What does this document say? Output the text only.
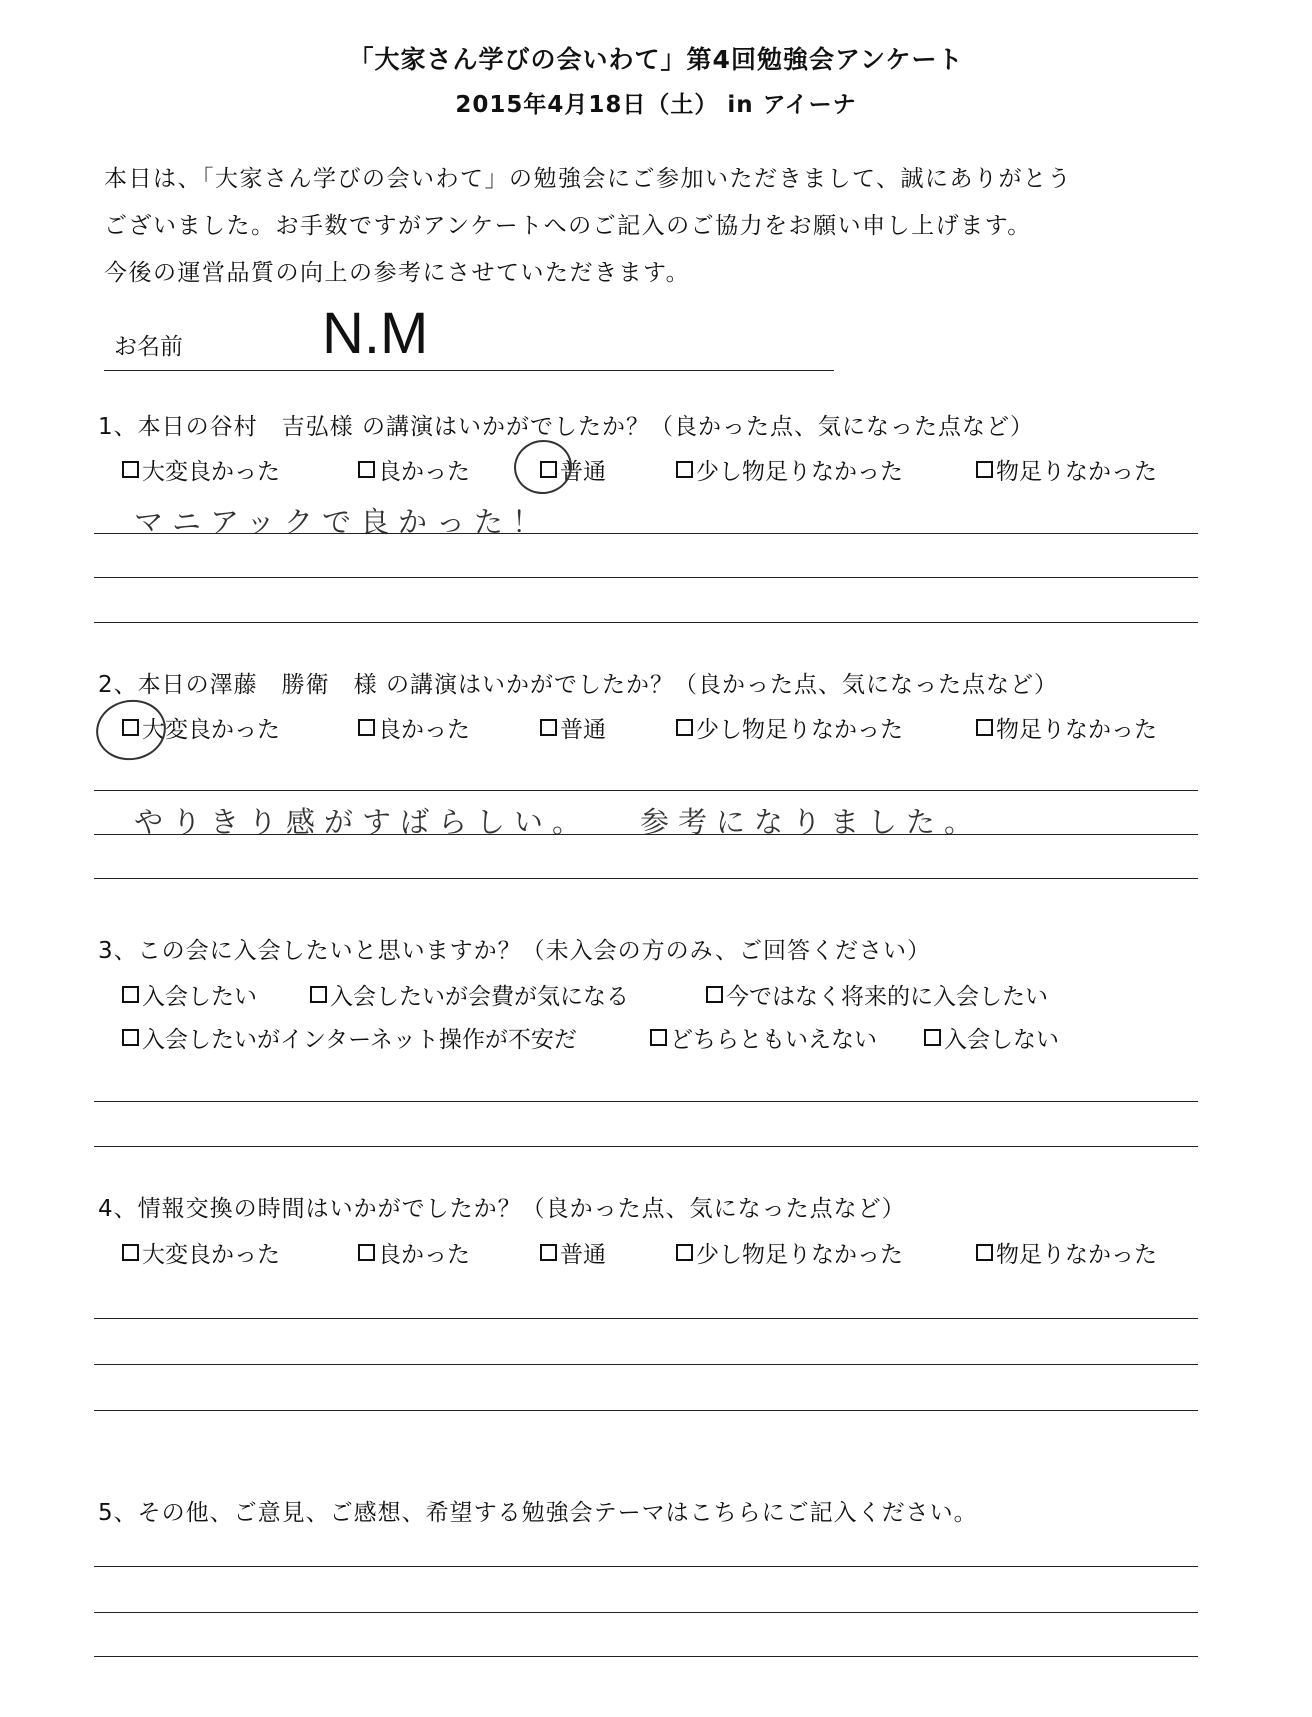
「大家さん学びの会いわて」第4回勉強会アンケート
2015年4月18日（土） in アイーナ
本日は、「大家さん学びの会いわて」の勉強会にご参加いただきまして、誠にありがとう
ございました。お手数ですがアンケートへのご記入のご協力をお願い申し上げます。
今後の運営品質の向上の参考にさせていただきます。
お名前 N.M
1、本日の谷村　吉弘様 の講演はいかがでしたか？（良かった点、気になった点など）
大変良かった	良かった	普通	少し物足りなかった	物足りなかった
マニアックで良かった！
2、本日の澤藤　勝衛　様 の講演はいかがでしたか？（良かった点、気になった点など）
大変良かった	良かった	普通	少し物足りなかった	物足りなかった
やりきり感がすばらしい。 参考になりました。
3、この会に入会したいと思いますか？（未入会の方のみ、ご回答ください）
入会したい	入会したいが会費が気になる	今ではなく将来的に入会したい
入会したいがインターネット操作が不安だ	どちらともいえない	入会しない
4、情報交換の時間はいかがでしたか？（良かった点、気になった点など）
大変良かった	良かった	普通	少し物足りなかった	物足りなかった
5、その他、ご意見、ご感想、希望する勉強会テーマはこちらにご記入ください。
